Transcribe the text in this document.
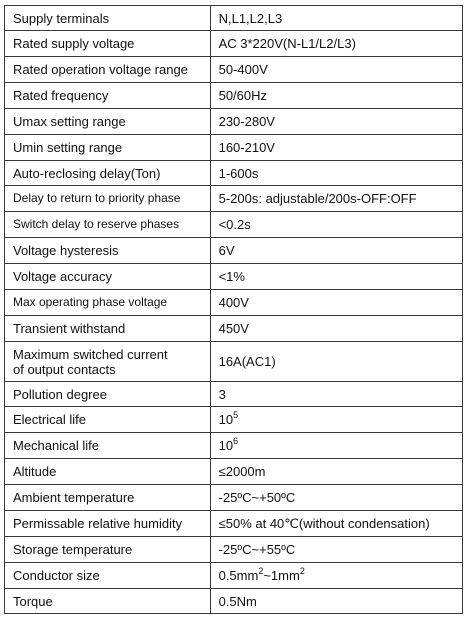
Supply terminals	N,L1,L2,L3
Rated supply voltage	AC 3*220V(N-L1/L2/L3)
Rated operation voltage range	50-400V
Rated frequency	50/60Hz
Umax setting range	230-280V
Umin setting range	160-210V
Auto-reclosing delay(Ton)	1-600s
Delay to return to priority phase	5-200s: adjustable/200s-OFF:OFF
Switch delay to reserve phases	<0.2s
Voltage hysteresis	6V
Voltage accuracy	<1%
Max operating phase voltage	400V
Transient withstand	450V

Maximum switched current
of output contacts	16A(AC1)
Pollution degree	3
Electrical life	$10^5$
Mechanical life	$10^6$
Altitude	≤2000m
Ambient temperature	-25ºC~+50ºC
Permissable relative humidity	≤50% at 40℃(without condensation)
Storage temperature	-25ºC~+55ºC
Conductor size	$0.5mm^2\sim 1mm^2$
Torque	0.5Nm
